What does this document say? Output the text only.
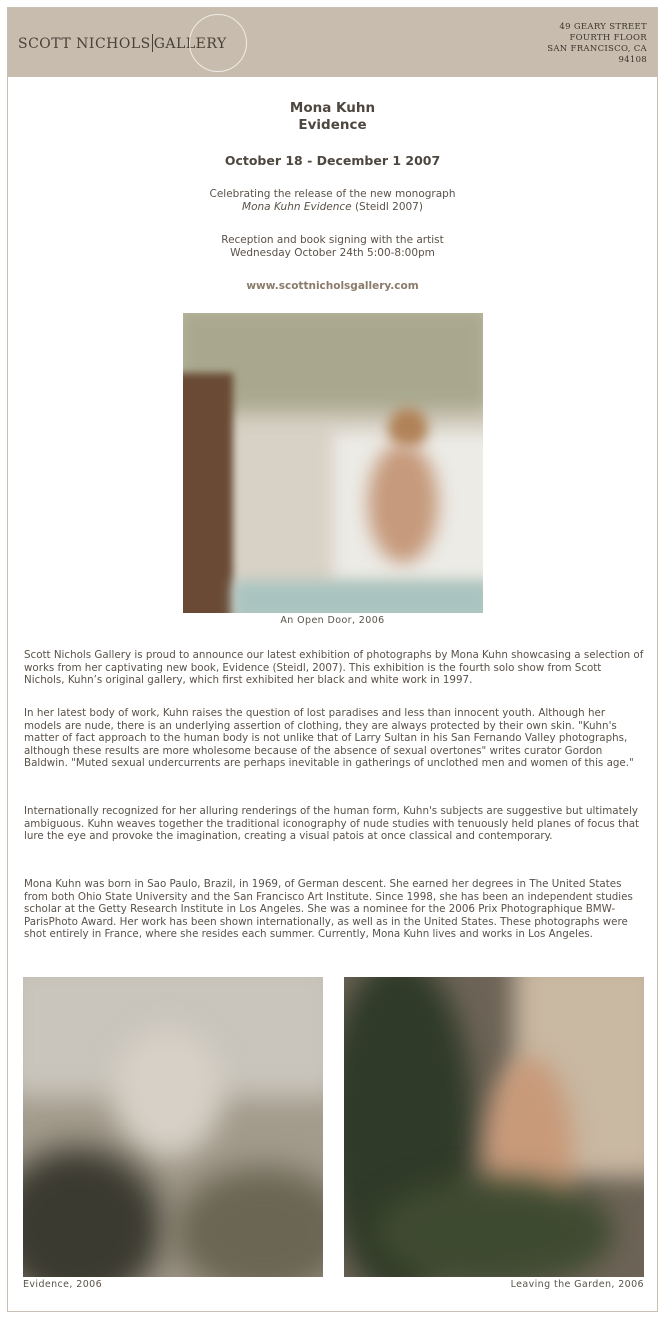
SCOTT NICHOLS GALLERY
49 GEARY STREET
FOURTH FLOOR
SAN FRANCISCO, CA
94108
Mona Kuhn
Evidence
October 18 - December 1 2007
Celebrating the release of the new monograph
Mona Kuhn Evidence (Steidl 2007)
Reception and book signing with the artist
Wednesday October 24th 5:00-8:00pm
www.scottnicholsgallery.com
An Open Door, 2006

Scott Nichols Gallery is proud to announce our latest exhibition of photographs by Mona Kuhn showcasing a selection of works from her captivating new book, Evidence (Steidl, 2007). This exhibition is the fourth solo show from Scott Nichols, Kuhn’s original gallery, which first exhibited her black and white work in 1997.

In her latest body of work, Kuhn raises the question of lost paradises and less than innocent youth. Although her models are nude, there is an underlying assertion of clothing, they are always protected by their own skin. "Kuhn's matter of fact approach to the human body is not unlike that of Larry Sultan in his San Fernando Valley photographs, although these results are more wholesome because of the absence of sexual overtones" writes curator Gordon Baldwin. "Muted sexual undercurrents are perhaps inevitable in gatherings of unclothed men and women of this age."

Internationally recognized for her alluring renderings of the human form, Kuhn's subjects are suggestive but ultimately ambiguous. Kuhn weaves together the traditional iconography of nude studies with tenuously held planes of focus that lure the eye and provoke the imagination, creating a visual patois at once classical and contemporary.

Mona Kuhn was born in Sao Paulo, Brazil, in 1969, of German descent. She earned her degrees in The United States from both Ohio State University and the San Francisco Art Institute. Since 1998, she has been an independent studies scholar at the Getty Research Institute in Los Angeles. She was a nominee for the 2006 Prix Photographique BMW-ParisPhoto Award. Her work has been shown internationally, as well as in the United States. These photographs were shot entirely in France, where she resides each summer. Currently, Mona Kuhn lives and works in Los Angeles.

Evidence, 2006	Leaving the Garden, 2006
